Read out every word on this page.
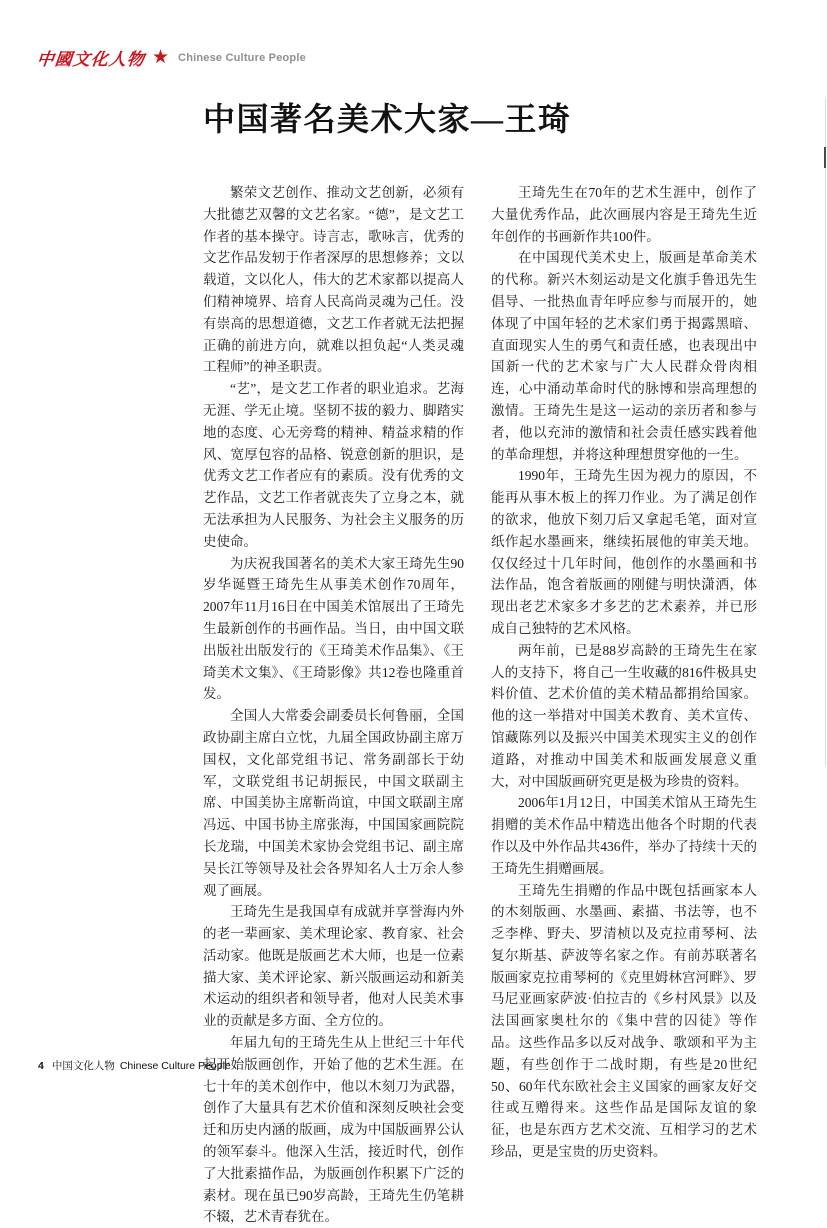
中國文化人物 ★ Chinese Culture People
中国著名美术大家—王琦

繁荣文艺创作、推动文艺创新，必须有大批德艺双馨的文艺名家。“德”，是文艺工作者的基本操守。诗言志，歌咏言，优秀的文艺作品发轫于作者深厚的思想修养；文以载道，文以化人，伟大的艺术家都以提高人们精神境界、培育人民高尚灵魂为己任。没有崇高的思想道德，文艺工作者就无法把握正确的前进方向，就难以担负起“人类灵魂工程师”的神圣职责。

“艺”，是文艺工作者的职业追求。艺海无涯、学无止境。坚韧不拔的毅力、脚踏实地的态度、心无旁骛的精神、精益求精的作风、宽厚包容的品格、锐意创新的胆识，是优秀文艺工作者应有的素质。没有优秀的文艺作品，文艺工作者就丧失了立身之本，就无法承担为人民服务、为社会主义服务的历史使命。

为庆祝我国著名的美术大家王琦先生90岁华诞暨王琦先生从事美术创作70周年，2007年11月16日在中国美术馆展出了王琦先生最新创作的书画作品。当日，由中国文联出版社出版发行的《王琦美术作品集》、《王琦美术文集》、《王琦影像》共12卷也隆重首发。

全国人大常委会副委员长何鲁丽，全国政协副主席白立忱，九届全国政协副主席万国权，文化部党组书记、常务副部长于幼军，文联党组书记胡振民，中国文联副主席、中国美协主席靳尚谊，中国文联副主席冯远、中国书协主席张海，中国国家画院院长龙瑞，中国美术家协会党组书记、副主席吴长江等领导及社会各界知名人士万余人参观了画展。

王琦先生是我国卓有成就并享誉海内外的老一辈画家、美术理论家、教育家、社会活动家。他既是版画艺术大师，也是一位素描大家、美术评论家、新兴版画运动和新美术运动的组织者和领导者，他对人民美术事业的贡献是多方面、全方位的。

年届九旬的王琦先生从上世纪三十年代起开始版画创作，开始了他的艺术生涯。在七十年的美术创作中，他以木刻刀为武器，创作了大量具有艺术价值和深刻反映社会变迁和历史内涵的版画，成为中国版画界公认的领军泰斗。他深入生活，接近时代，创作了大批素描作品，为版画创作积累下广泛的素材。现在虽已90岁高龄，王琦先生仍笔耕不辍，艺术青春犹在。

王琦先生在70年的艺术生涯中，创作了大量优秀作品，此次画展内容是王琦先生近年创作的书画新作共100件。

在中国现代美术史上，版画是革命美术的代称。新兴木刻运动是文化旗手鲁迅先生倡导、一批热血青年呼应参与而展开的，她体现了中国年轻的艺术家们勇于揭露黑暗、直面现实人生的勇气和责任感，也表现出中国新一代的艺术家与广大人民群众骨肉相连，心中涌动革命时代的脉博和崇高理想的激情。王琦先生是这一运动的亲历者和参与者，他以充沛的激情和社会责任感实践着他的革命理想，并将这种理想贯穿他的一生。

1990年，王琦先生因为视力的原因，不能再从事木板上的挥刀作业。为了满足创作的欲求，他放下刻刀后又拿起毛笔，面对宣纸作起水墨画来，继续拓展他的审美天地。仅仅经过十几年时间，他创作的水墨画和书法作品，饱含着版画的刚健与明快潇洒，体现出老艺术家多才多艺的艺术素养，并已形成自己独特的艺术风格。

两年前，已是88岁高龄的王琦先生在家人的支持下，将自己一生收藏的816件极具史料价值、艺术价值的美术精品都捐给国家。他的这一举措对中国美术教育、美术宣传、馆藏陈列以及振兴中国美术现实主义的创作道路，对推动中国美术和版画发展意义重大，对中国版画研究更是极为珍贵的资料。

2006年1月12日，中国美术馆从王琦先生捐赠的美术作品中精选出他各个时期的代表作以及中外作品共436件，举办了持续十天的王琦先生捐赠画展。

王琦先生捐赠的作品中既包括画家本人的木刻版画、水墨画、素描、书法等，也不乏李桦、野夫、罗清桢以及克拉甫琴柯、法复尔斯基、萨波等名家之作。有前苏联著名版画家克拉甫琴柯的《克里姆林宫河畔》、罗马尼亚画家萨波·伯拉吉的《乡村风景》以及法国画家奥杜尔的《集中营的囚徒》等作品。这些作品多以反对战争、歌颂和平为主题，有些创作于二战时期，有些是20世纪50、60年代东欧社会主义国家的画家友好交往或互赠得来。这些作品是国际友谊的象征，也是东西方艺术交流、互相学习的艺术珍品，更是宝贵的历史资料。

4 中国文化人物 Chinese Culture People
